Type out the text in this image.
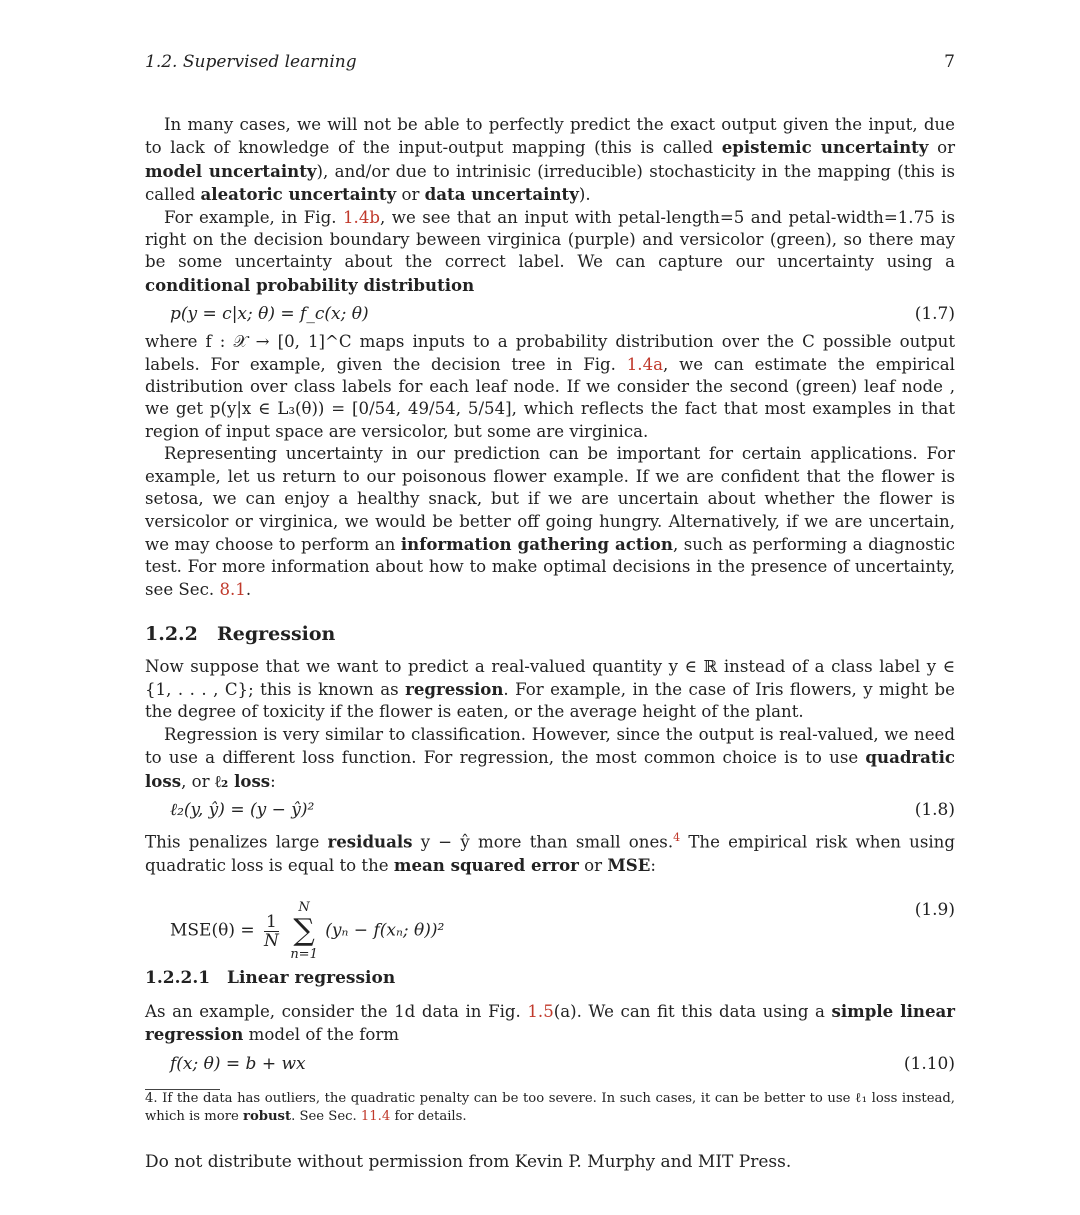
1.2. Supervised learning	7

In many cases, we will not be able to perfectly predict the exact output given the input, due to lack of knowledge of the input-output mapping (this is called epistemic uncertainty or model uncertainty), and/or due to intrinisic (irreducible) stochasticity in the mapping (this is called aleatoric uncertainty or data uncertainty).

For example, in Fig. 1.4b, we see that an input with petal-length=5 and petal-width=1.75 is right on the decision boundary beween virginica (purple) and versicolor (green), so there may be some uncertainty about the correct label. We can capture our uncertainty using a conditional probability distribution

p(y = c|x; θ) = f_c(x; θ)	(1.7)

where f : 𝒳 → [0, 1]^C maps inputs to a probability distribution over the C possible output labels. For example, given the decision tree in Fig. 1.4a, we can estimate the empirical distribution over class labels for each leaf node. If we consider the second (green) leaf node , we get p(y|x ∈ L₃(θ)) = [0/54, 49/54, 5/54], which reflects the fact that most examples in that region of input space are versicolor, but some are virginica.

Representing uncertainty in our prediction can be important for certain applications. For example, let us return to our poisonous flower example. If we are confident that the flower is setosa, we can enjoy a healthy snack, but if we are uncertain about whether the flower is versicolor or virginica, we would be better off going hungry. Alternatively, if we are uncertain, we may choose to perform an information gathering action, such as performing a diagnostic test. For more information about how to make optimal decisions in the presence of uncertainty, see Sec. 8.1.

1.2.2 Regression

Now suppose that we want to predict a real-valued quantity y ∈ ℝ instead of a class label y ∈ {1, . . . , C}; this is known as regression. For example, in the case of Iris flowers, y might be the degree of toxicity if the flower is eaten, or the average height of the plant.

Regression is very similar to classification. However, since the output is real-valued, we need to use a different loss function. For regression, the most common choice is to use quadratic loss, or ℓ₂ loss:

ℓ₂(y, ŷ) = (y − ŷ)²	(1.8)

This penalizes large residuals y − ŷ more than small ones.$^4$ The empirical risk when using quadratic loss is equal to the mean squared error or MSE:

$MSE(\theta) = \frac{1}{N}$

N
∑
n=1
(yₙ − f(xₙ; θ))²
(1.9)
1.2.2.1 Linear regression

As an example, consider the 1d data in Fig. 1.5(a). We can fit this data using a simple linear regression model of the form

f(x; θ) = b + wx	(1.10)
4. If the data has outliers, the quadratic penalty can be too severe. In such cases, it can be better to use ℓ₁ loss instead, which is more robust. See Sec. 11.4 for details.
Do not distribute without permission from Kevin P. Murphy and MIT Press.
